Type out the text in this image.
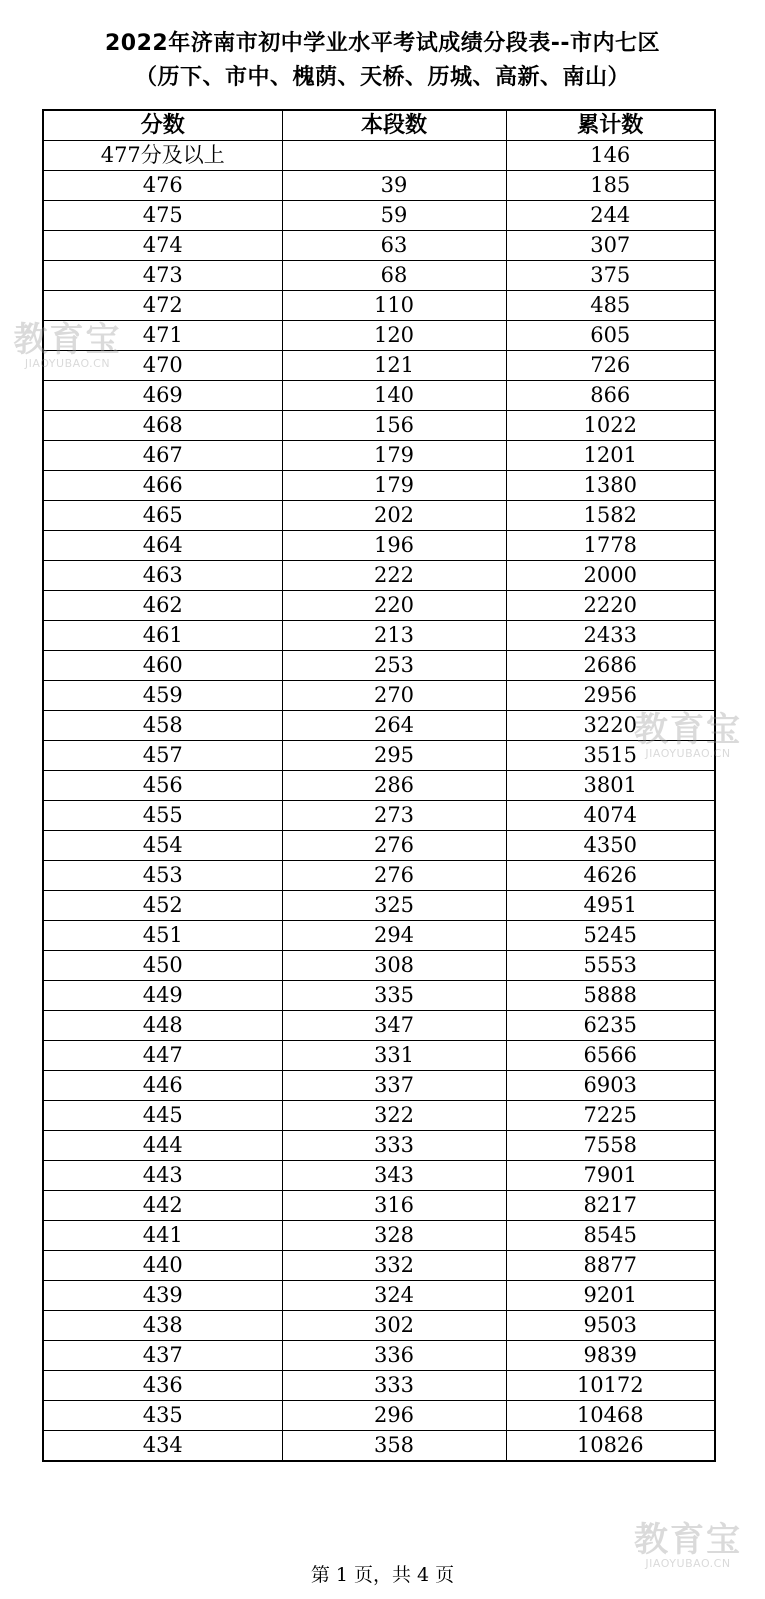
2022年济南市初中学业水平考试成绩分段表--市内七区
（历下、市中、槐荫、天桥、历城、高新、南山）
分数	本段数	累计数
477分及以上		146
476	39	185
475	59	244
474	63	307
473	68	375
472	110	485
471	120	605
470	121	726
469	140	866
468	156	1022
467	179	1201
466	179	1380
465	202	1582
464	196	1778
463	222	2000
462	220	2220
461	213	2433
460	253	2686
459	270	2956
458	264	3220
457	295	3515
456	286	3801
455	273	4074
454	276	4350
453	276	4626
452	325	4951
451	294	5245
450	308	5553
449	335	5888
448	347	6235
447	331	6566
446	337	6903
445	322	7225
444	333	7558
443	343	7901
442	316	8217
441	328	8545
440	332	8877
439	324	9201
438	302	9503
437	336	9839
436	333	10172
435	296	10468
434	358	10826
第 1 页，共 4 页
教育宝
JIAOYUBAO.CN
教育宝
JIAOYUBAO.CN
教育宝
JIAOYUBAO.CN
